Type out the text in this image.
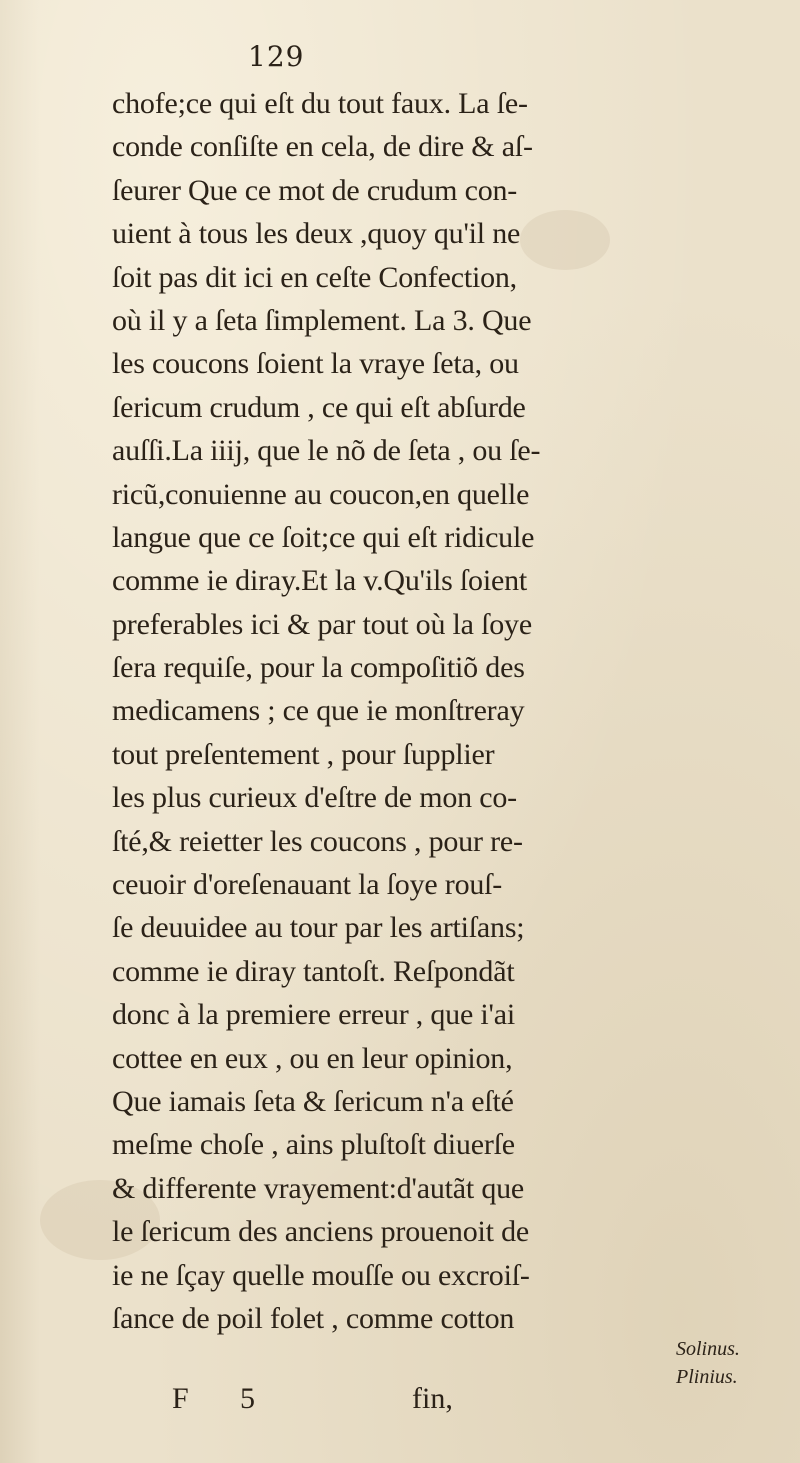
129
chofe;ce qui eſt du tout faux. La ſe-
conde conſiſte en cela, de dire & aſ-
ſeurer Que ce mot de crudum con-
uient à tous les deux ,quoy qu'il ne
ſoit pas dit ici en ceſte Confection,
où il y a ſeta ſimplement. La 3. Que
les coucons ſoient la vraye ſeta, ou
ſericum crudum , ce qui eſt abſurde
auſſi.La iiij, que le nõ de ſeta , ou ſe-
ricũ,conuienne au coucon,en quelle
langue que ce ſoit;ce qui eſt ridicule
comme ie diray.Et la v.Qu'ils ſoient
preferables ici & par tout où la ſoye
ſera requiſe, pour la compoſitiõ des
medicamens ; ce que ie monſtreray
tout preſentement , pour ſupplier
les plus curieux d'eſtre de mon co-
ſté,& reietter les coucons , pour re-
ceuoir d'oreſenauant la ſoye rouſ-
ſe deuuidee au tour par les artiſans;
comme ie diray tantoſt. Reſpondãt
donc à la premiere erreur , que i'ai
cottee en eux , ou en leur opinion,
Que iamais ſeta & ſericum n'a eſté
meſme choſe , ains pluſtoſt diuerſe
& differente vrayement:d'autãt que
le ſericum des anciens prouenoit de
ie ne ſçay quelle mouſſe ou excroiſ-
ſance de poil folet , comme cotton
F 5	fin,
Solinus.
Plinius.
